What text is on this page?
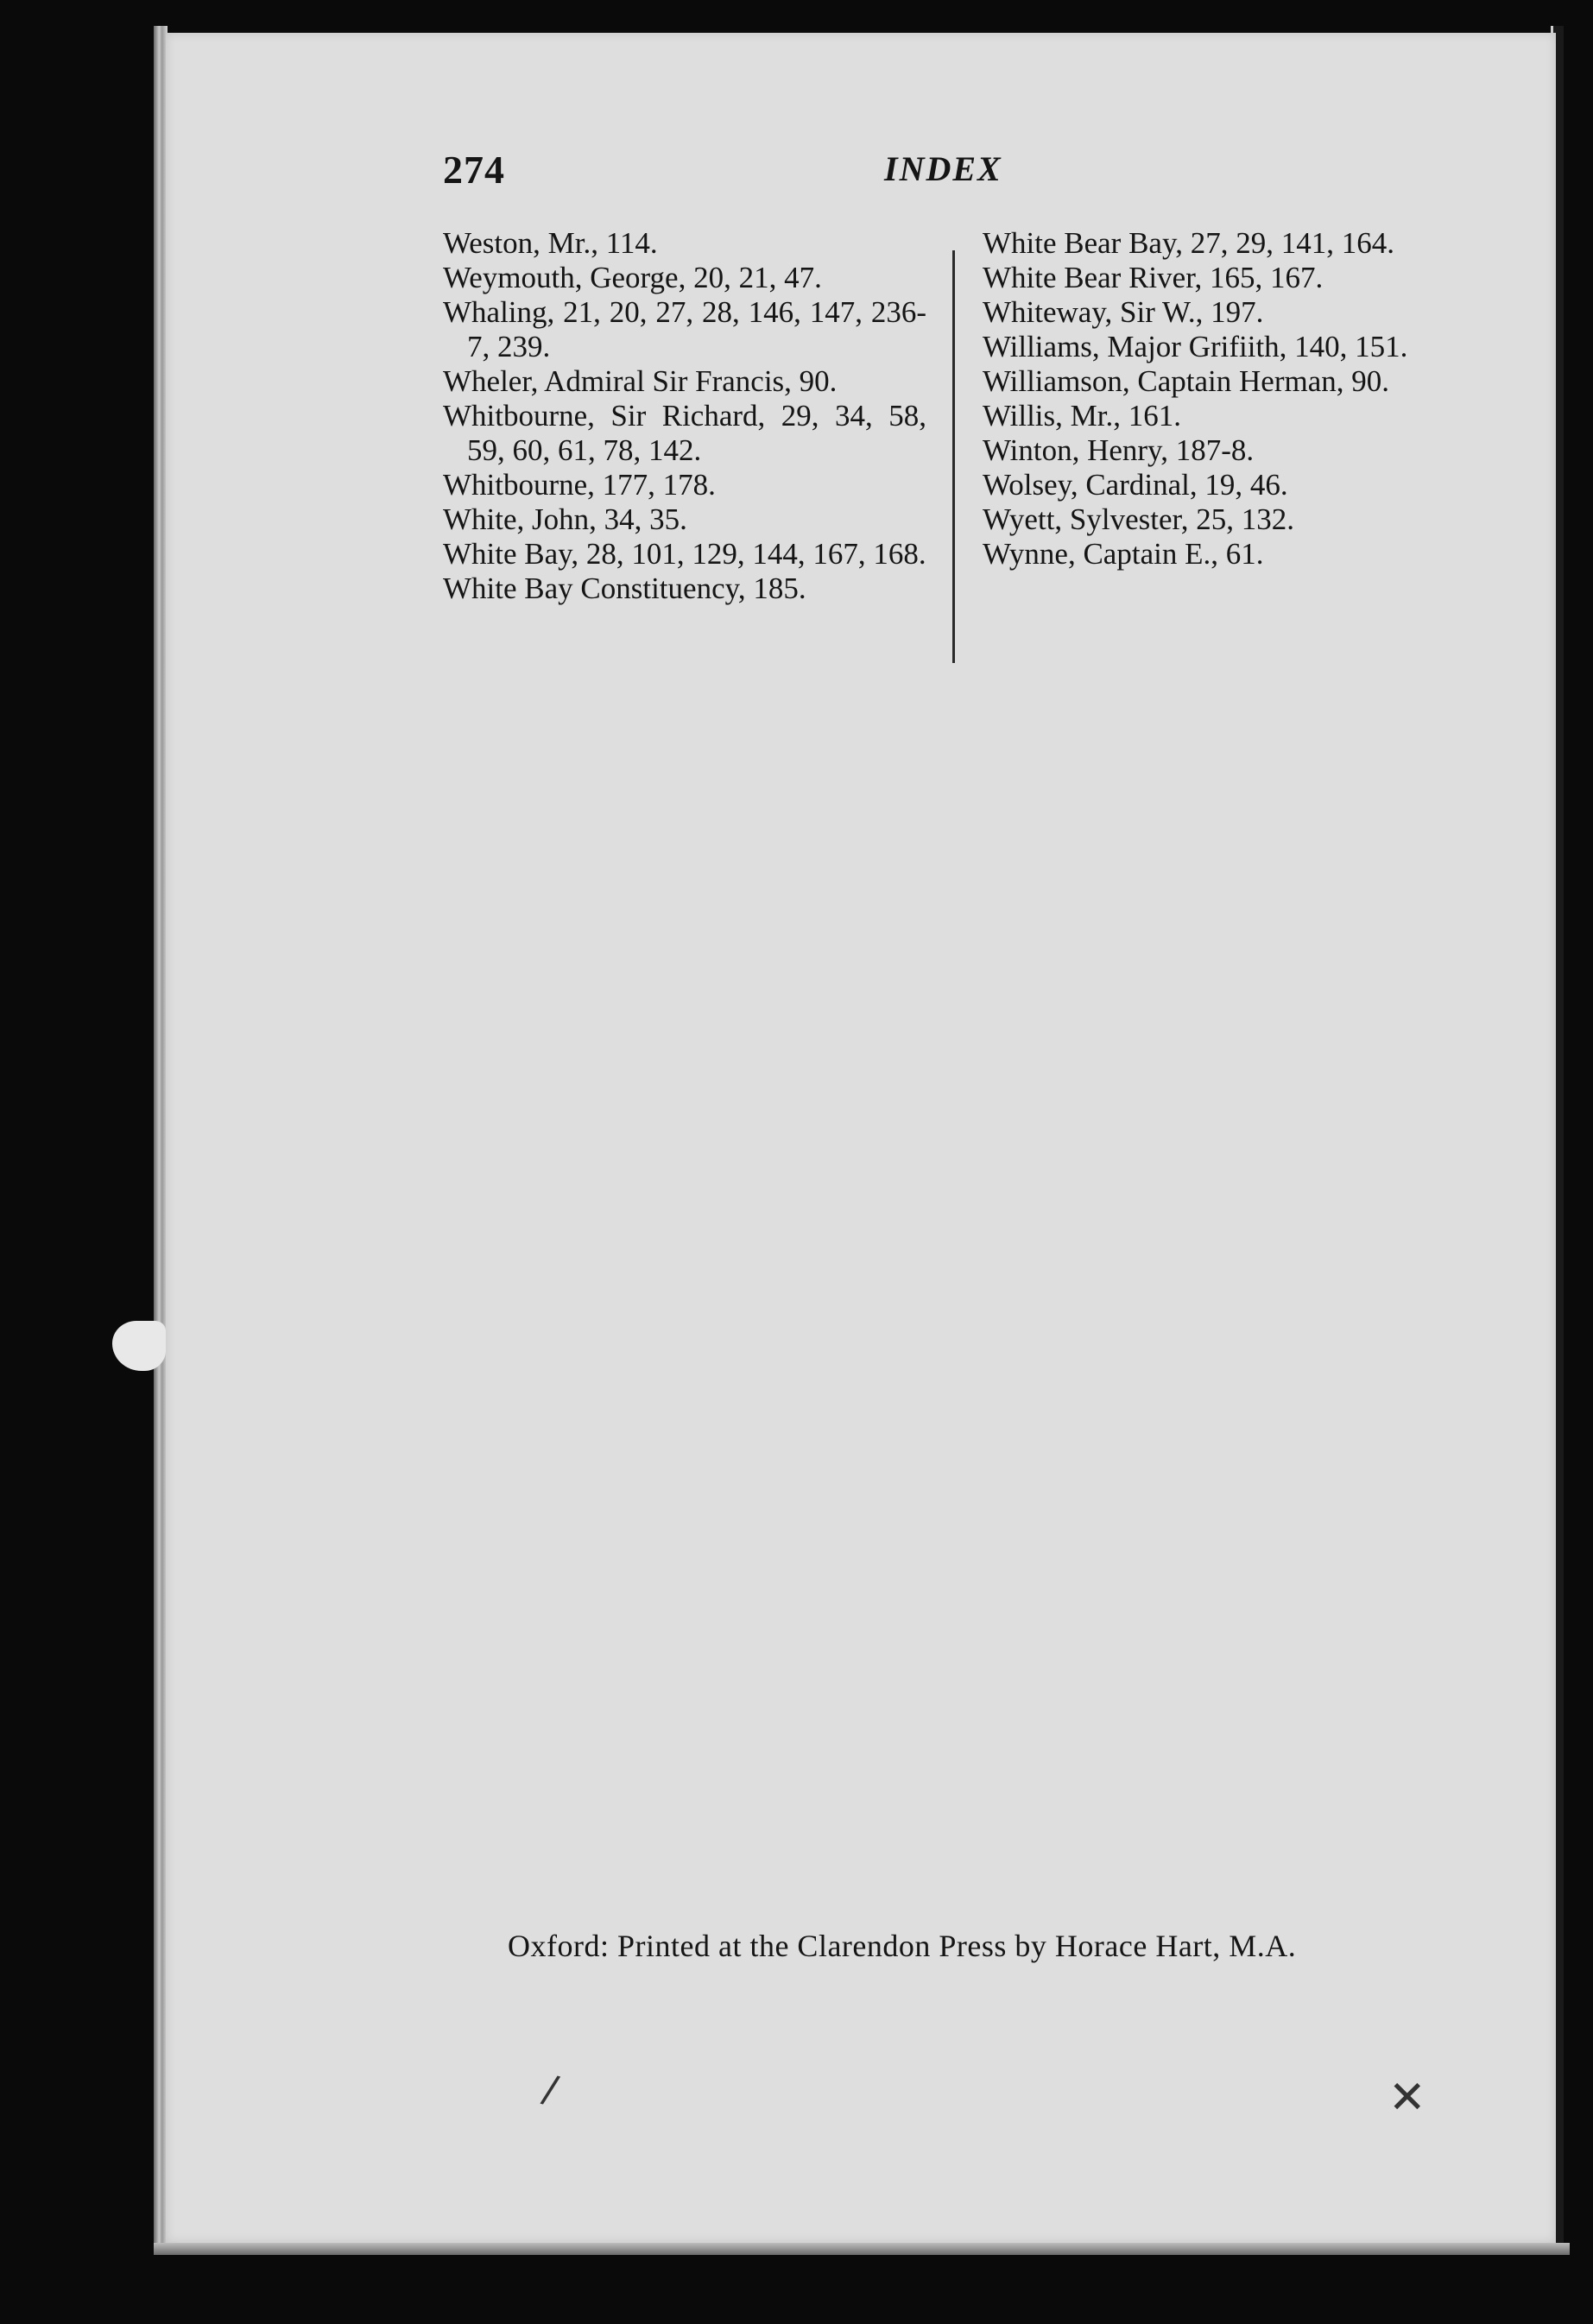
274	INDEX
Weston, Mr., 114.
Weymouth, George, 20, 21, 47.
Whaling, 21, 20, 27, 28, 146, 147, 236-7, 239.
Wheler, Admiral Sir Francis, 90.
Whitbourne, Sir Richard, 29, 34, 58, 59, 60, 61, 78, 142.
Whitbourne, 177, 178.
White, John, 34, 35.
White Bay, 28, 101, 129, 144, 167, 168.
White Bay Constituency, 185.
White Bear Bay, 27, 29, 141, 164.
White Bear River, 165, 167.
Whiteway, Sir W., 197.
Williams, Major Grifiith, 140, 151.
Williamson, Captain Herman, 90.
Willis, Mr., 161.
Winton, Henry, 187-8.
Wolsey, Cardinal, 19, 46.
Wyett, Sylvester, 25, 132.
Wynne, Captain E., 61.
Oxford: Printed at the Clarendon Press by Horace Hart, M.A.
/	✕
